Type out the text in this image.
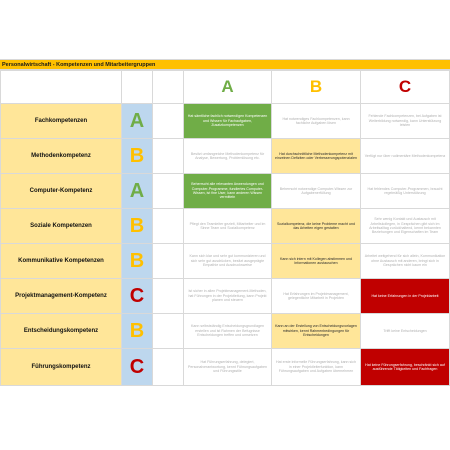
Personalwirtschaft - Kompetenzen und Mitarbeitergruppen

			A	B	C

Fachkompetenzen	A		Hat sämtliche fachlich notwendigen Kompetenzen und Wissen für Fachaufgaben, Zusatzkompetenzen	Hat notwendiges Fachkompetenzen, kann fachliche Aufgaben lösen	Fehlende Fachkompetenzen, bei Aufgaben ist Weiterbildung notwendig, kann Unterstützung leisten

Methodenkompetenz	B		Besitzt umfangreiche Methodenkompetenz für Analyse, Bewertung, Problemlösung etc.	Hat durchschnittliche Methodenkompetenz mit einzelnen Defiziten oder Verbesserungspotenzialen	Verfügt nur über rudimentäre Methodenkompetenz

Computer-Kompetenz	A		Beherrscht alle relevanten Anwendungen und Computer-Programme, fundiertes Computer-Wissen, ist fine User, kann anderen Wissen vermitteln	Beherrscht notwendige Computer-Wissen zur Aufgabenerfüllung	Hat fehlendes Computer-Programmen, braucht regelmäßig Unterstützung

Soziale Kompetenzen	B		Pflegt den Teamleiter gezielt, Mitarbeiter und im Sinne Team und Sozialkompetenz	Sozialkompetenz, die keine Probleme macht und das Arbeiten eigen gestalten	Sehr wenig Kontakt und Austausch mit Arbeitskollegen, in Gesprächen gibt sich im Arbeitsalltag zurückhaltend, kennt bekannten Beziehungen und Eigenschaften im Team

Kommunikative Kompetenzen	B		Kann sich klar und sehr gut kommunizieren und sich sehr gut ausdrücken, besitzt ausgeprägte Empathie und Ausdrucksweise	Kann sich intern mit Kollegen abstimmen und Informationen austauschen	Arbeitet weitgehend für sich allein, Kommunikation ohne Austausch mit anderen, bringt sich in Gesprächen nicht kaum ein

Projektmanagement-Kompetenz	C		Ist sicher in allen Projektmanagement-Methoden, hat Führungen in der Projektleitung, kann Projekt planen und steuern	Hat Erfahrungen im Projektmanagement, gelegentliche Mitarbeit in Projekten	Hat keine Erfahrungen in der Projektarbeit

Entscheidungskompetenz	B		Kann selbstständig Entscheidungsgrundlagen erstellen und ist Rahmen der Befugnisse Entscheidungen treffen und umsetzen	Kann an der Erstellung von Entscheidungsvorlagen mitwirken, kennt Rahmenbedingungen für Entscheidungen	Trifft keine Entscheidungen

Führungskompetenz	C		Hat Führungserfahrung, delegiert, Personalverantwortung, kennt Führungsaufgaben und Führungsstile	Hat erste informelle Führungserfahrung, kann sich in einer Projektleiterfunktion, kann Führungsaufgaben und Aufgaben übernehmen	Hat keine Führungserfahrung, beschränkt sich auf ausführende Tätigkeiten und Fachfragen
